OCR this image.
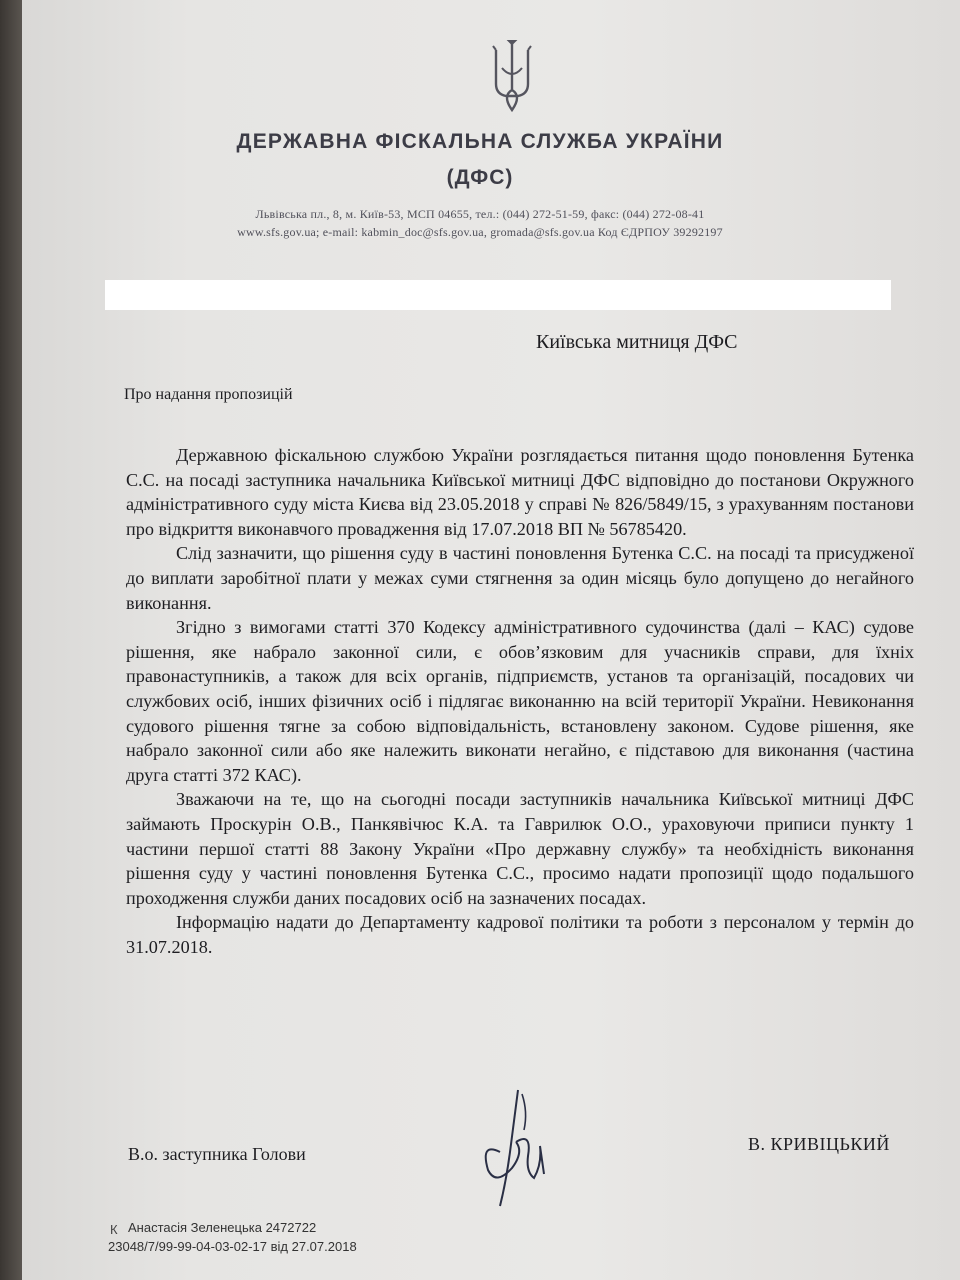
ДЕРЖАВНА ФІСКАЛЬНА СЛУЖБА УКРАЇНИ
(ДФС)
Львівська пл., 8, м. Київ-53, МСП 04655, тел.: (044) 272-51-59, факс: (044) 272-08-41
www.sfs.gov.ua; e-mail: kabmin_doc@sfs.gov.ua, gromada@sfs.gov.ua Код ЄДРПОУ 39292197
Київська митниця ДФС
Про надання пропозицій

Державною фіскальною службою України розглядається питання щодо поновлення Бутенка С.С. на посаді заступника начальника Київської митниці ДФС відповідно до постанови Окружного адміністративного суду міста Києва від 23.05.2018 у справі № 826/5849/15, з урахуванням постанови про відкриття виконавчого провадження від 17.07.2018 ВП № 56785420.

Слід зазначити, що рішення суду в частині поновлення Бутенка С.С. на посаді та присудженої до виплати заробітної плати у межах суми стягнення за один місяць було допущено до негайного виконання.

Згідно з вимогами статті 370 Кодексу адміністративного судочинства (далі – КАС) судове рішення, яке набрало законної сили, є обов’язковим для учасників справи, для їхніх правонаступників, а також для всіх органів, підприємств, установ та організацій, посадових чи службових осіб, інших фізичних осіб і підлягає виконанню на всій території України. Невиконання судового рішення тягне за собою відповідальність, встановлену законом. Судове рішення, яке набрало законної сили або яке належить виконати негайно, є підставою для виконання (частина друга статті 372 КАС).

Зважаючи на те, що на сьогодні посади заступників начальника Київської митниці ДФС займають Проскурін О.В., Панкявічюс К.А. та Гаврилюк О.О., ураховуючи приписи пункту 1 частини першої статті 88 Закону України «Про державну службу» та необхідність виконання рішення суду у частині поновлення Бутенка С.С., просимо надати пропозиції щодо подальшого проходження служби даних посадових осіб на зазначених посадах.

Інформацію надати до Департаменту кадрової політики та роботи з персоналом у термін до 31.07.2018.

В.о. заступника Голови	В. КРИВІЦЬКИЙ
К Анастасія Зеленецька 2472722
23048/7/99-99-04-03-02-17 від 27.07.2018
